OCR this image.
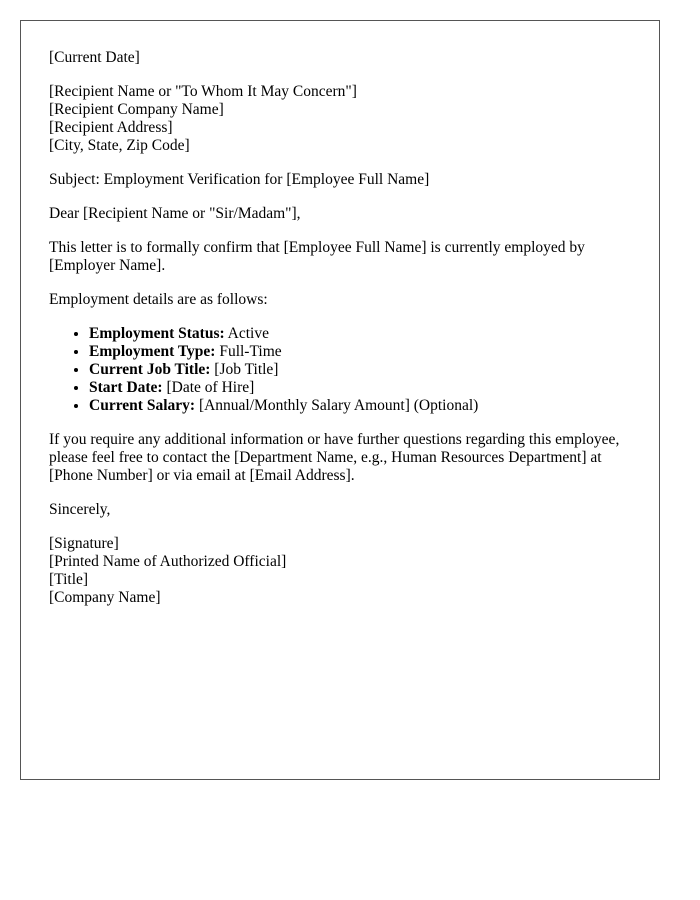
[Current Date]

[Recipient Name or "To Whom It May Concern"]
[Recipient Company Name]
[Recipient Address]
[City, State, Zip Code]

Subject: Employment Verification for [Employee Full Name]

Dear [Recipient Name or "Sir/Madam"],

This letter is to formally confirm that [Employee Full Name] is currently employed by [Employer Name].

Employment details are as follows:

• Employment Status: Active
• Employment Type: Full-Time
• Current Job Title: [Job Title]
• Start Date: [Date of Hire]
• Current Salary: [Annual/Monthly Salary Amount] (Optional)

If you require any additional information or have further questions regarding this employee, please feel free to contact the [Department Name, e.g., Human Resources Department] at [Phone Number] or via email at [Email Address].

Sincerely,

[Signature]
[Printed Name of Authorized Official]
[Title]
[Company Name]
